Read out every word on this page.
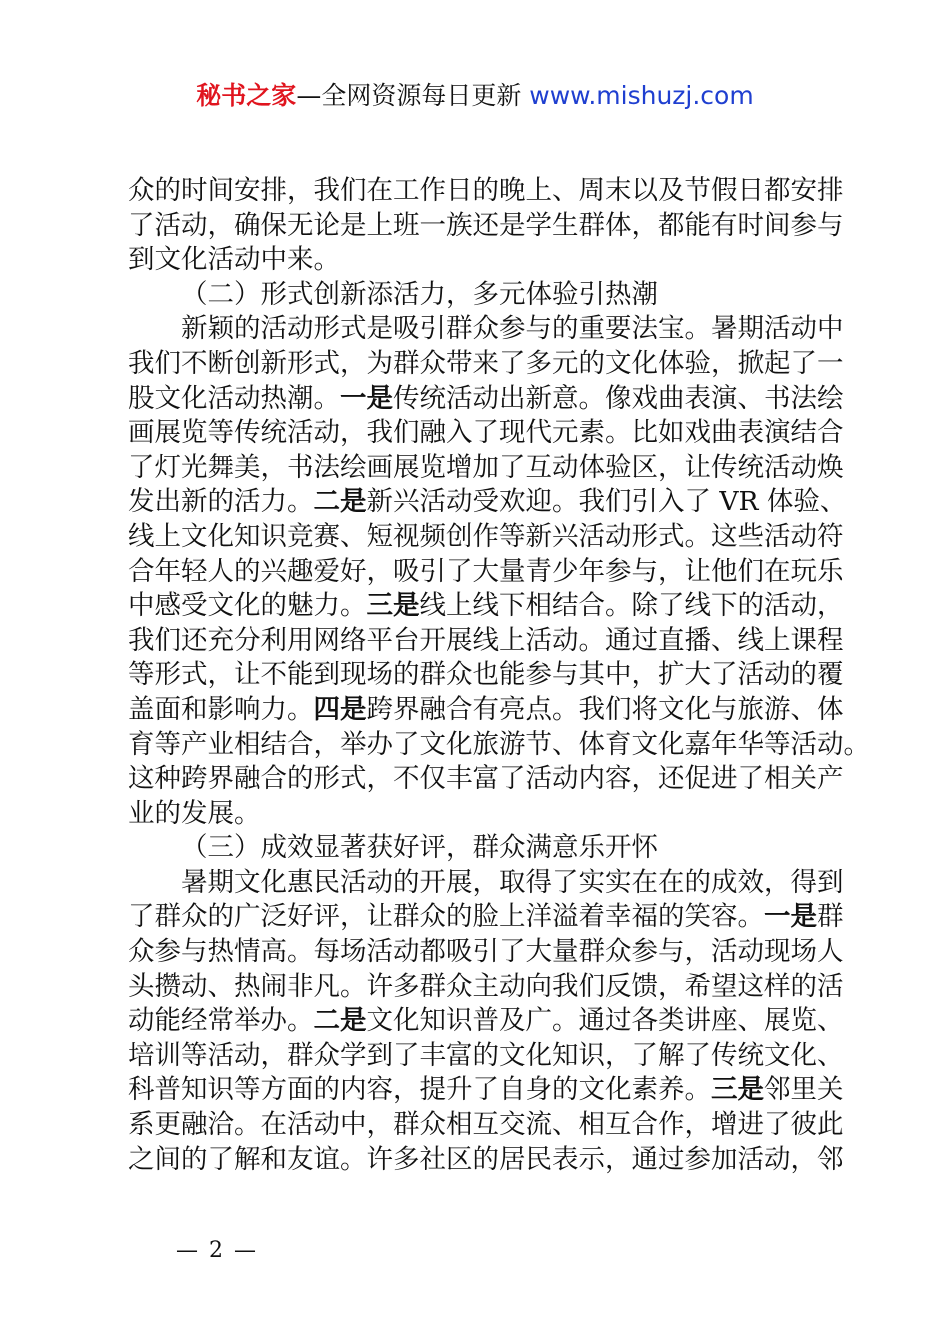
秘书之家—全网资源每日更新 www.mishuzj.com
众的时间安排，我们在工作日的晚上、周末以及节假日都安排
了活动，确保无论是上班一族还是学生群体，都能有时间参与
到文化活动中来。
（二）形式创新添活力，多元体验引热潮
新颖的活动形式是吸引群众参与的重要法宝。暑期活动中
我们不断创新形式，为群众带来了多元的文化体验，掀起了一
股文化活动热潮。一是传统活动出新意。像戏曲表演、书法绘
画展览等传统活动，我们融入了现代元素。比如戏曲表演结合
了灯光舞美，书法绘画展览增加了互动体验区，让传统活动焕
发出新的活力。二是新兴活动受欢迎。我们引入了 VR 体验、
线上文化知识竞赛、短视频创作等新兴活动形式。这些活动符
合年轻人的兴趣爱好，吸引了大量青少年参与，让他们在玩乐
中感受文化的魅力。三是线上线下相结合。除了线下的活动，
我们还充分利用网络平台开展线上活动。通过直播、线上课程
等形式，让不能到现场的群众也能参与其中，扩大了活动的覆
盖面和影响力。四是跨界融合有亮点。我们将文化与旅游、体
育等产业相结合，举办了文化旅游节、体育文化嘉年华等活动。
这种跨界融合的形式，不仅丰富了活动内容，还促进了相关产
业的发展。
（三）成效显著获好评，群众满意乐开怀
暑期文化惠民活动的开展，取得了实实在在的成效，得到
了群众的广泛好评，让群众的脸上洋溢着幸福的笑容。一是群
众参与热情高。每场活动都吸引了大量群众参与，活动现场人
头攒动、热闹非凡。许多群众主动向我们反馈，希望这样的活
动能经常举办。二是文化知识普及广。通过各类讲座、展览、
培训等活动，群众学到了丰富的文化知识，了解了传统文化、
科普知识等方面的内容，提升了自身的文化素养。三是邻里关
系更融洽。在活动中，群众相互交流、相互合作，增进了彼此
之间的了解和友谊。许多社区的居民表示，通过参加活动，邻
— 2 —
